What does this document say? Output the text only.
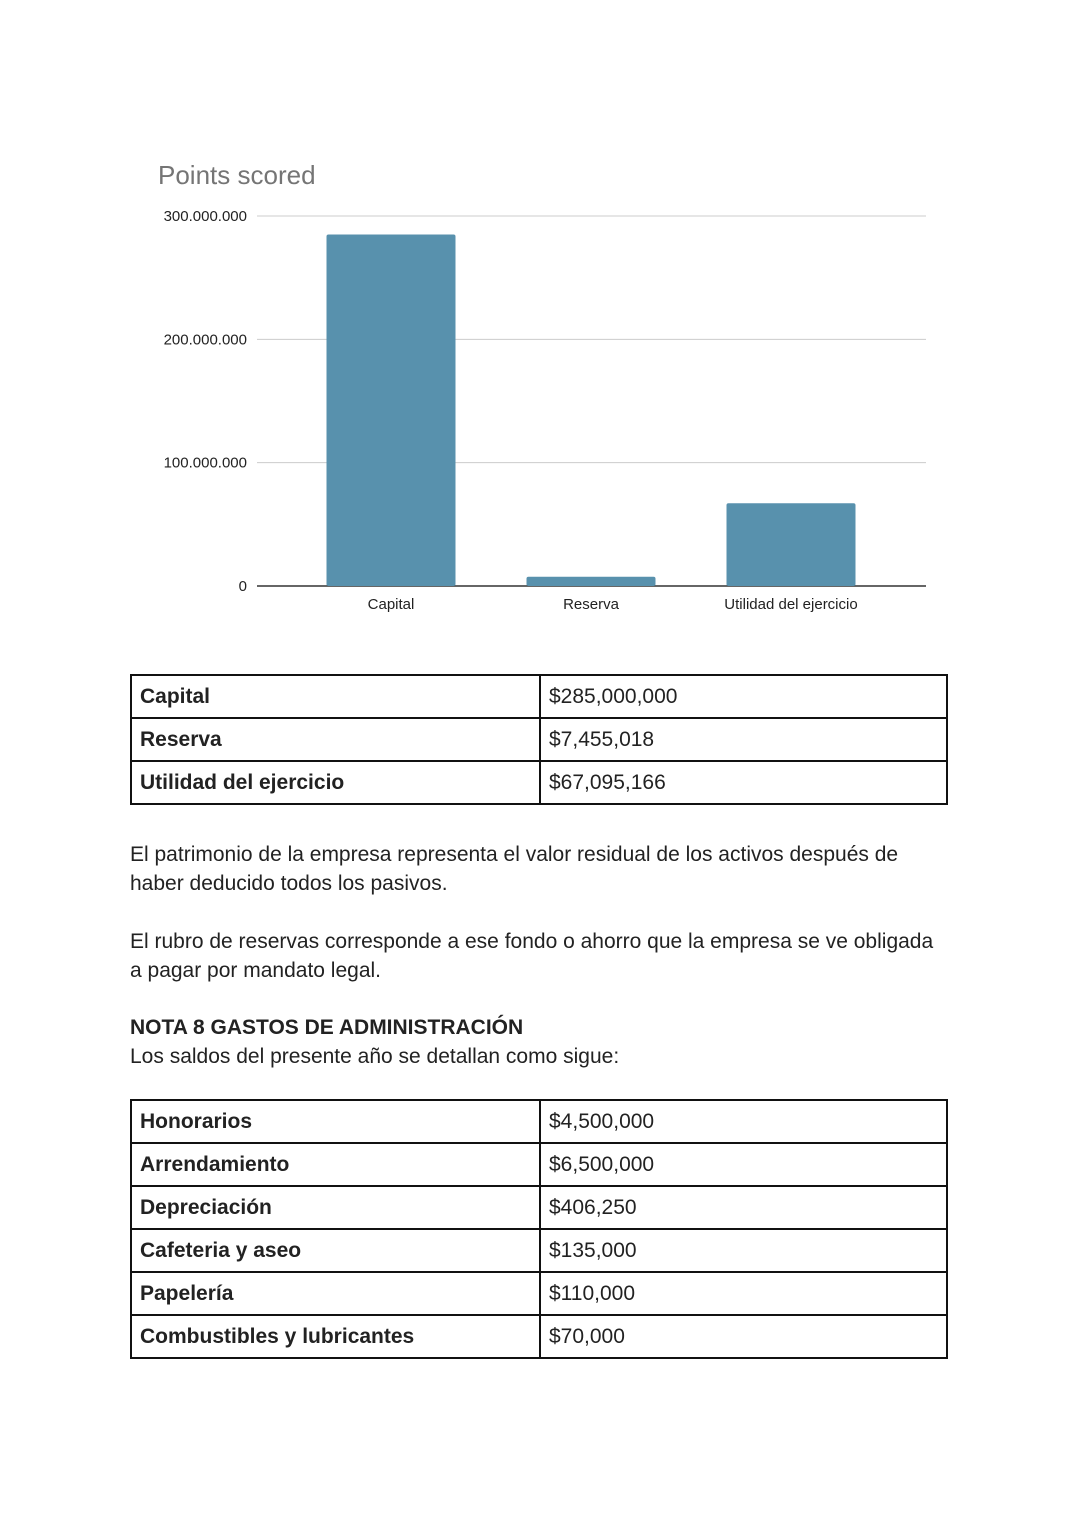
Points scored
0
100.000.000
200.000.000
300.000.000
Capital	Reserva	Utilidad del ejercicio
Capital	$285,000,000
Reserva	$7,455,018
Utilidad del ejercicio	$67,095,166

El patrimonio de la empresa representa el valor residual de los activos después de haber deducido todos los pasivos.

El rubro de reservas corresponde a ese fondo o ahorro que la empresa se ve obligada a pagar por mandato legal.

NOTA 8 GASTOS DE ADMINISTRACIÓN
Los saldos del presente año se detallan como sigue:
Honorarios	$4,500,000
Arrendamiento	$6,500,000
Depreciación	$406,250
Cafeteria y aseo	$135,000
Papelería	$110,000
Combustibles y lubricantes	$70,000
